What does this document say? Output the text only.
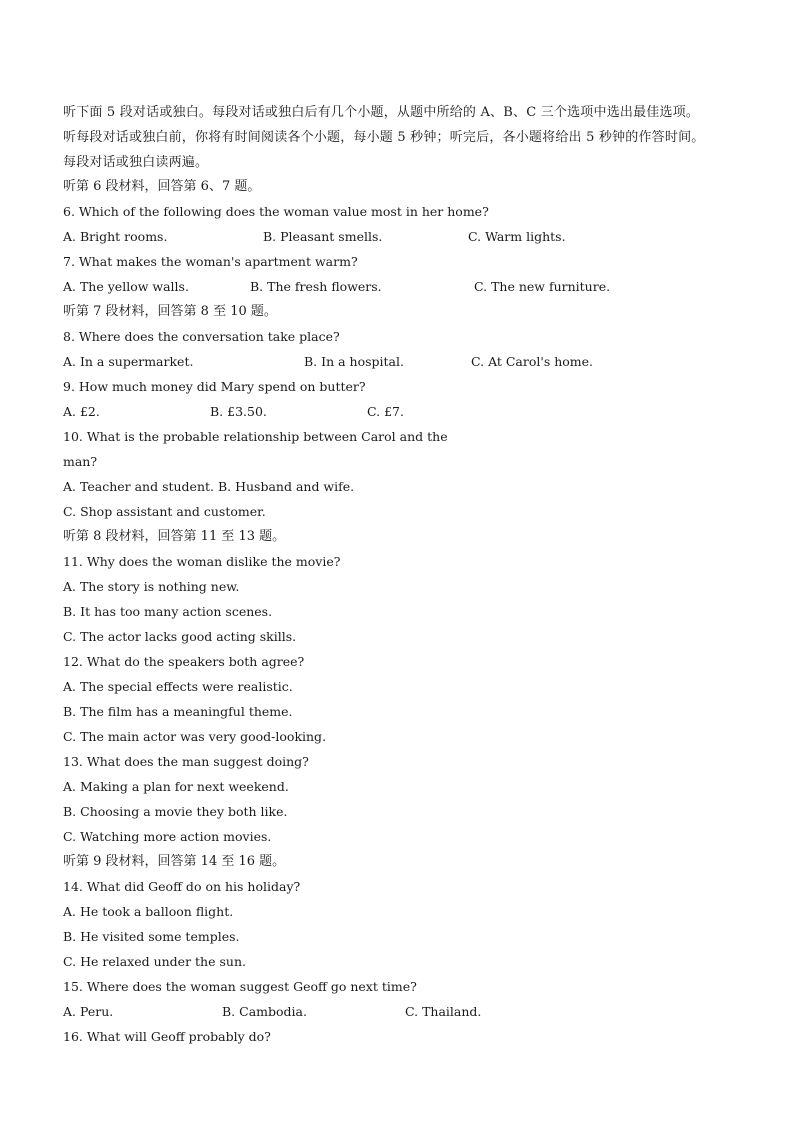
听下面 5 段对话或独白。每段对话或独白后有几个小题，从题中所给的 A、B、C 三个选项中选出最佳选项。

听每段对话或独白前，你将有时间阅读各个小题，每小题 5 秒钟；听完后，各小题将给出 5 秒钟的作答时间。

每段对话或独白读两遍。

听第 6 段材料，回答第 6、7 题。
6. Which of the following does the woman value most in her home?
A. Bright rooms.	B. Pleasant smells.	C. Warm lights.
7. What makes the woman's apartment warm?
A. The yellow walls.	B. The fresh flowers.	C. The new furniture.
听第 7 段材料，回答第 8 至 10 题。
8. Where does the conversation take place?
A. In a supermarket.	B. In a hospital.	C. At Carol's home.
9. How much money did Mary spend on butter?
A. £2.	B. £3.50.	C. £7.
10. What is the probable relationship between Carol and the
man?
A. Teacher and student. B. Husband and wife.
C. Shop assistant and customer.
听第 8 段材料，回答第 11 至 13 题。
11. Why does the woman dislike the movie?
A. The story is nothing new.
B. It has too many action scenes.
C. The actor lacks good acting skills.
12. What do the speakers both agree?
A. The special effects were realistic.
B. The film has a meaningful theme.
C. The main actor was very good-looking.
13. What does the man suggest doing?
A. Making a plan for next weekend.
B. Choosing a movie they both like.
C. Watching more action movies.
听第 9 段材料，回答第 14 至 16 题。
14. What did Geoff do on his holiday?
A. He took a balloon flight.
B. He visited some temples.
C. He relaxed under the sun.
15. Where does the woman suggest Geoff go next time?
A. Peru.	B. Cambodia.	C. Thailand.
16. What will Geoff probably do?
